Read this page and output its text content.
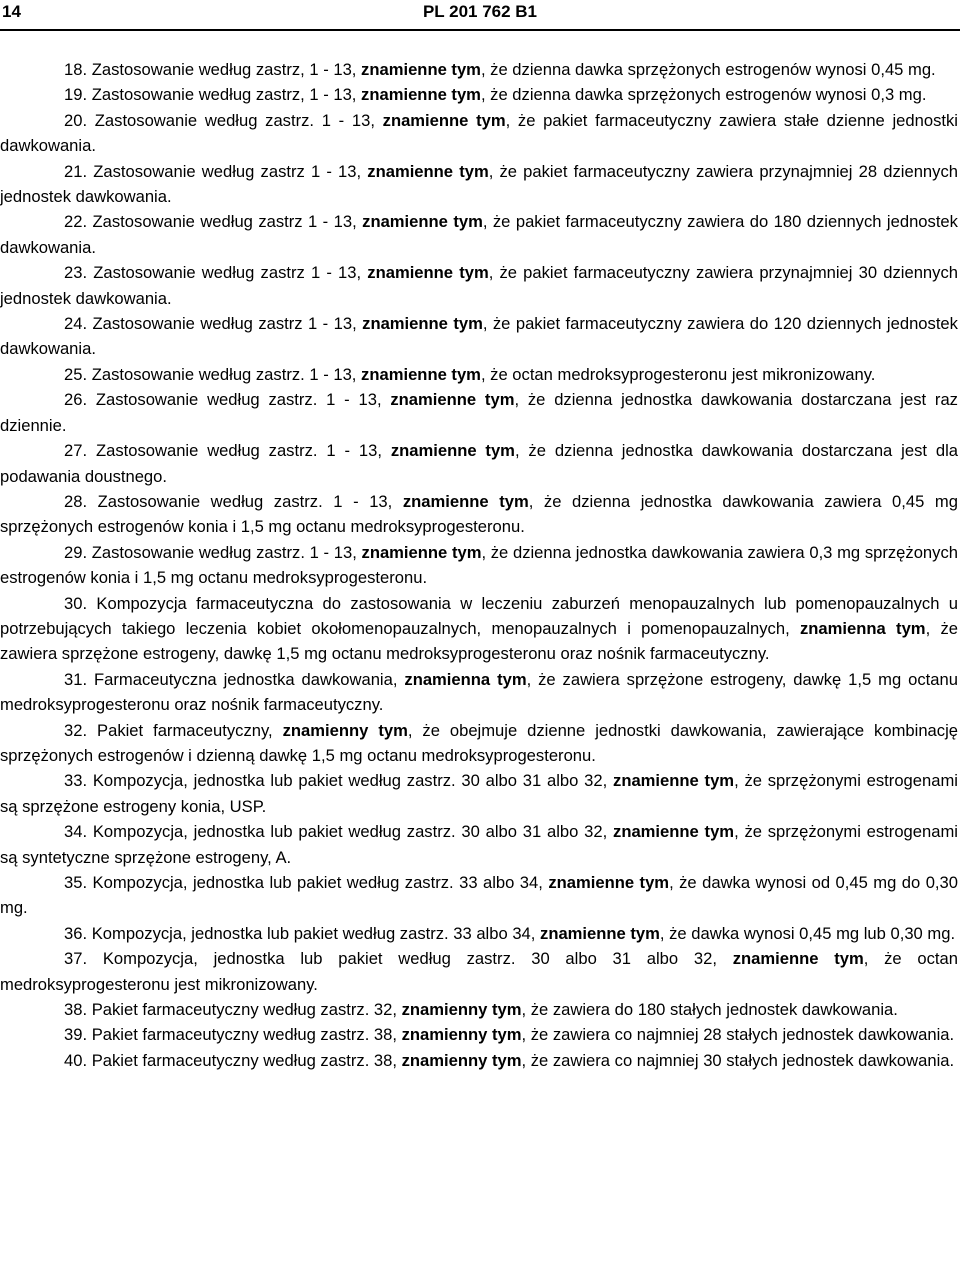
14	PL 201 762 B1

18. Zastosowanie według zastrz, 1 - 13, znamienne tym, że dzienna dawka sprzężonych estrogenów wynosi 0,45 mg.

19. Zastosowanie według zastrz, 1 - 13, znamienne tym, że dzienna dawka sprzężonych estrogenów wynosi 0,3 mg.

20. Zastosowanie według zastrz. 1 - 13, znamienne tym, że pakiet farmaceutyczny zawiera stałe dzienne jednostki dawkowania.

21. Zastosowanie według zastrz 1 - 13, znamienne tym, że pakiet farmaceutyczny zawiera przynajmniej 28 dziennych jednostek dawkowania.

22. Zastosowanie według zastrz 1 - 13, znamienne tym, że pakiet farmaceutyczny zawiera do 180 dziennych jednostek dawkowania.

23. Zastosowanie według zastrz 1 - 13, znamienne tym, że pakiet farmaceutyczny zawiera przynajmniej 30 dziennych jednostek dawkowania.

24. Zastosowanie według zastrz 1 - 13, znamienne tym, że pakiet farmaceutyczny zawiera do 120 dziennych jednostek dawkowania.

25. Zastosowanie według zastrz. 1 - 13, znamienne tym, że octan medroksyprogesteronu jest mikronizowany.

26. Zastosowanie według zastrz. 1 - 13, znamienne tym, że dzienna jednostka dawkowania dostarczana jest raz dziennie.

27. Zastosowanie według zastrz. 1 - 13, znamienne tym, że dzienna jednostka dawkowania dostarczana jest dla podawania doustnego.

28. Zastosowanie według zastrz. 1 - 13, znamienne tym, że dzienna jednostka dawkowania zawiera 0,45 mg sprzężonych estrogenów konia i 1,5 mg octanu medroksyprogesteronu.

29. Zastosowanie według zastrz. 1 - 13, znamienne tym, że dzienna jednostka dawkowania zawiera 0,3 mg sprzężonych estrogenów konia i 1,5 mg octanu medroksyprogesteronu.

30. Kompozycja farmaceutyczna do zastosowania w leczeniu zaburzeń menopauzalnych lub pomenopauzalnych u potrzebujących takiego leczenia kobiet okołomenopauzalnych, menopauzalnych i pomenopauzalnych, znamienna tym, że zawiera sprzężone estrogeny, dawkę 1,5 mg octanu medroksyprogesteronu oraz nośnik farmaceutyczny.

31. Farmaceutyczna jednostka dawkowania, znamienna tym, że zawiera sprzężone estrogeny, dawkę 1,5 mg octanu medroksyprogesteronu oraz nośnik farmaceutyczny.

32. Pakiet farmaceutyczny, znamienny tym, że obejmuje dzienne jednostki dawkowania, zawierające kombinację sprzężonych estrogenów i dzienną dawkę 1,5 mg octanu medroksyprogesteronu.

33. Kompozycja, jednostka lub pakiet według zastrz. 30 albo 31 albo 32, znamienne tym, że sprzężonymi estrogenami są sprzężone estrogeny konia, USP.

34. Kompozycja, jednostka lub pakiet według zastrz. 30 albo 31 albo 32, znamienne tym, że sprzężonymi estrogenami są syntetyczne sprzężone estrogeny, A.

35. Kompozycja, jednostka lub pakiet według zastrz. 33 albo 34, znamienne tym, że dawka wynosi od 0,45 mg do 0,30 mg.

36. Kompozycja, jednostka lub pakiet według zastrz. 33 albo 34, znamienne tym, że dawka wynosi 0,45 mg lub 0,30 mg.

37. Kompozycja, jednostka lub pakiet według zastrz. 30 albo 31 albo 32, znamienne tym, że octan medroksyprogesteronu jest mikronizowany.

38. Pakiet farmaceutyczny według zastrz. 32, znamienny tym, że zawiera do 180 stałych jednostek dawkowania.

39. Pakiet farmaceutyczny według zastrz. 38, znamienny tym, że zawiera co najmniej 28 stałych jednostek dawkowania.

40. Pakiet farmaceutyczny według zastrz. 38, znamienny tym, że zawiera co najmniej 30 stałych jednostek dawkowania.
